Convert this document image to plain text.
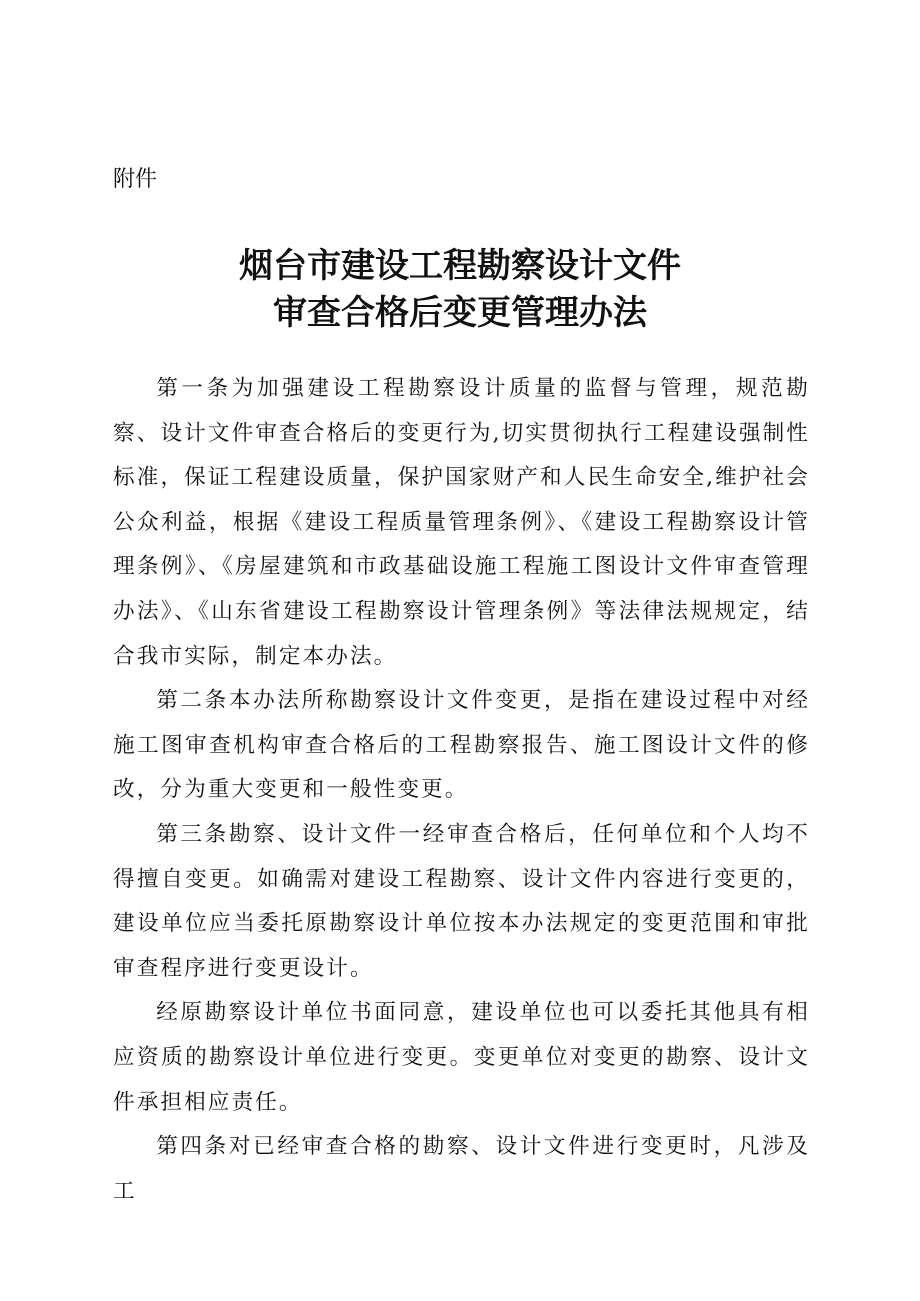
附件
烟台市建设工程勘察设计文件
审查合格后变更管理办法

第一条为加强建设工程勘察设计质量的监督与管理，规范勘察、设计文件审查合格后的变更行为,切实贯彻执行工程建设强制性标准，保证工程建设质量，保护国家财产和人民生命安全,维护社会公众利益，根据《建设工程质量管理条例》、《建设工程勘察设计管理条例》、《房屋建筑和市政基础设施工程施工图设计文件审查管理办法》、《山东省建设工程勘察设计管理条例》等法律法规规定，结合我市实际，制定本办法。

第二条本办法所称勘察设计文件变更，是指在建设过程中对经施工图审查机构审查合格后的工程勘察报告、施工图设计文件的修改，分为重大变更和一般性变更。

第三条勘察、设计文件一经审查合格后，任何单位和个人均不得擅自变更。如确需对建设工程勘察、设计文件内容进行变更的，建设单位应当委托原勘察设计单位按本办法规定的变更范围和审批审查程序进行变更设计。

经原勘察设计单位书面同意，建设单位也可以委托其他具有相应资质的勘察设计单位进行变更。变更单位对变更的勘察、设计文件承担相应责任。

第四条对已经审查合格的勘察、设计文件进行变更时，凡涉及工
